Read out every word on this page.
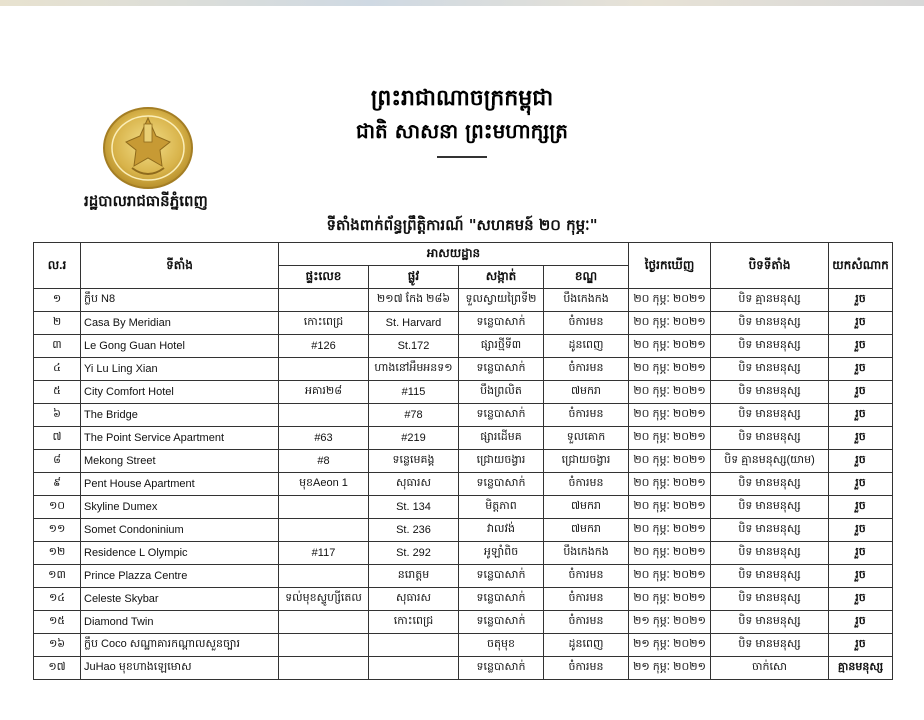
ព្រះរាជាណាចក្រកម្ពុជា
ជាតិ សាសនា ព្រះមហាក្សត្រ
រដ្ឋបាលរាជធានីភ្នំពេញ
ទីតាំងពាក់ព័ន្ធព្រឹត្តិការណ៍ "សហគមន៍ ២០ កុម្ភៈ"
ល.រ	ទីតាំង	អាសយដ្ឋាន				ថ្ងៃរកឃើញ	បិទទីតាំង	យកសំណាក
		ផ្ទះលេខ	ផ្លូវ	សង្កាត់	ខណ្ឌ			
១	ក្លឹប N8		២១៧ កែង ២៨៦	ទួលស្វាយព្រៃទី២	បឹងកេងកង	២០ កុម្ភៈ ២០២១	បិទ គ្មានមនុស្ស	រួច
២	Casa By Meridian	កោះពេជ្រ	St. Harvard	ទន្លេបាសាក់	ចំការមន	២០ កុម្ភៈ ២០២១	បិទ មានមនុស្ស	រួច
៣	Le Gong Guan Hotel	#126	St.172	ផ្សារថ្មីទី៣	ដូនពេញ	២០ កុម្ភៈ ២០២១	បិទ មានមនុស្ស	រួច
៤	Yi Lu Ling Xian		ហាងនៅអឹមអនទ១	ទន្លេបាសាក់	ចំការមន	២០ កុម្ភៈ ២០២១	បិទ មានមនុស្ស	រួច
៥	City Comfort Hotel	អគារ២៨	#115	បឹងព្រលិត	៧មករា	២០ កុម្ភៈ ២០២១	បិទ មានមនុស្ស	រួច
៦	The Bridge		#78	ទន្លេបាសាក់	ចំការមន	២០ កុម្ភៈ ២០២១	បិទ មានមនុស្ស	រួច
៧	The Point Service Apartment	#63	#219	ផ្សារដើមគ	ទួលគោក	២០ កុម្ភៈ ២០២១	បិទ មានមនុស្ស	រួច
៨	Mekong Street	#8	ទន្លេមេគង្គ	ជ្រោយចង្វារ	ជ្រោយចង្វារ	២០ កុម្ភៈ ២០២១	បិទ គ្មានមនុស្ស(យាម)	រួច
៩	Pent House Apartment	មុខAeon 1	សុធារស	ទន្លេបាសាក់	ចំការមន	២០ កុម្ភៈ ២០២១	បិទ មានមនុស្ស	រួច
១០	Skyline Dumex		St. 134	មិត្តភាព	៧មករា	២០ កុម្ភៈ ២០២១	បិទ មានមនុស្ស	រួច
១១	Somet Condoninium		St. 236	វាលវង់	៧មករា	២០ កុម្ភៈ ២០២១	បិទ មានមនុស្ស	រួច
១២	Residence L Olympic	#117	St. 292	អូឡាំពិច	បឹងកេងកង	២០ កុម្ភៈ ២០២១	បិទ មានមនុស្ស	រួច
១៣	Prince Plazza Centre		នរោត្តម	ទន្លេបាសាក់	ចំការមន	២០ កុម្ភៈ ២០២១	បិទ មានមនុស្ស	រួច
១៤	Celeste Skybar	ទល់មុខស្ទូហ្សីតេល	សុធារស	ទន្លេបាសាក់	ចំការមន	២០ កុម្ភៈ ២០២១	បិទ មានមនុស្ស	រួច
១៥	Diamond Twin		កោះពេជ្រ	ទន្លេបាសាក់	ចំការមន	២១ កុម្ភៈ ២០២១	បិទ មានមនុស្ស	រួច
១៦	ក្លឹប Coco សណ្ឋាគារកណ្តាលសួនច្បារ			ចតុមុខ	ដូនពេញ	២១ កុម្ភៈ ២០២១	បិទ មានមនុស្ស	រួច
១៧	JuHao មុខហាងឡេមោស			ទន្លេបាសាក់	ចំការមន	២១ កុម្ភៈ ២០២១	ចាក់សោ	គ្មានមនុស្ស
